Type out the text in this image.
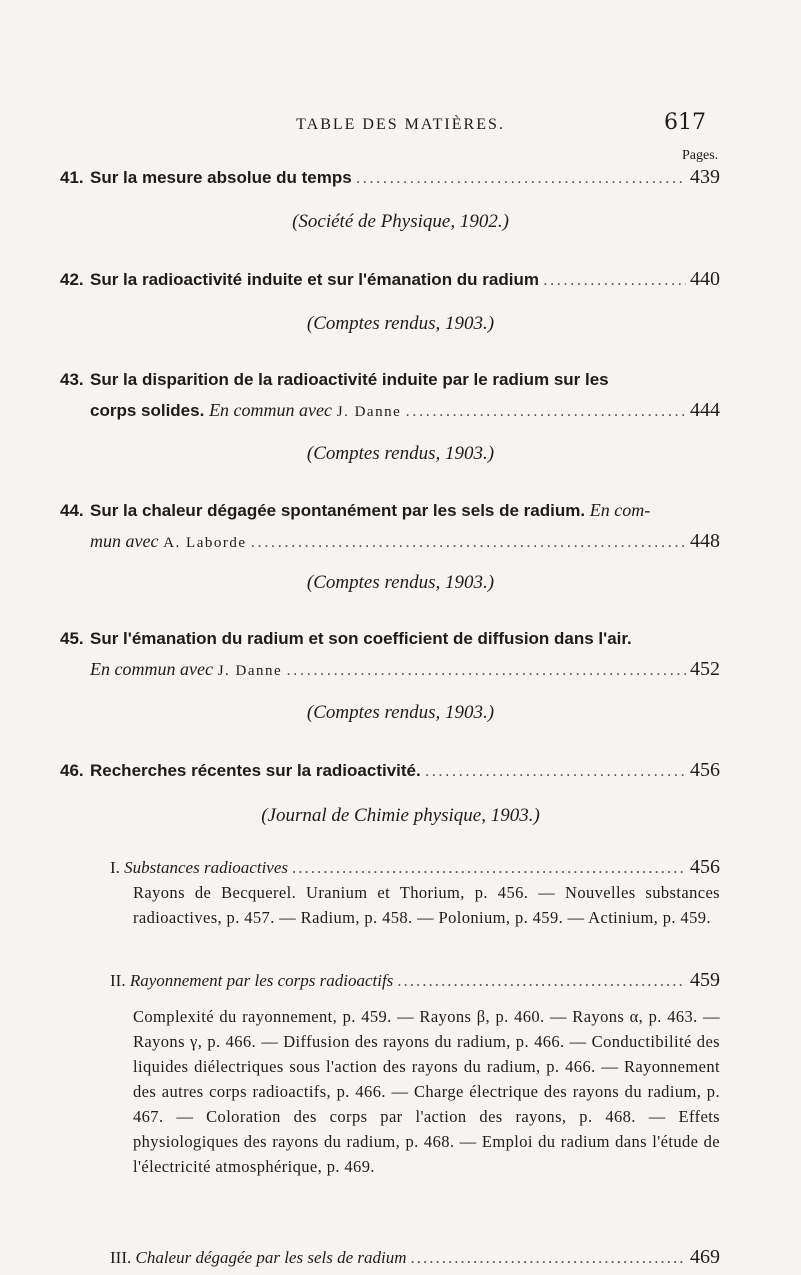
TABLE DES MATIÈRES.	617
Pages.
41. Sur la mesure absolue du temps .....	439
(Société de Physique, 1902.)
42. Sur la radioactivité induite et sur l'émanation du radium .....	440
(Comptes rendus, 1903.)
43. Sur la disparition de la radioactivité induite par le radium sur les
corps solides. En commun avec J. Danne .....	444
(Comptes rendus, 1903.)
44. Sur la chaleur dégagée spontanément par les sels de radium. En com-
mun avec A. Laborde .....	448
(Comptes rendus, 1903.)
45. Sur l'émanation du radium et son coefficient de diffusion dans l'air.
En commun avec J. Danne .....	452
(Comptes rendus, 1903.)
46. Recherches récentes sur la radioactivité. .....	456
(Journal de Chimie physique, 1903.)
I. Substances radioactives .....	456
Rayons de Becquerel. Uranium et Thorium, p. 456. — Nouvelles substances radioactives, p. 457. — Radium, p. 458. — Polonium, p. 459. — Actinium, p. 459.
II. Rayonnement par les corps radioactifs .....	459
Complexité du rayonnement, p. 459. — Rayons β, p. 460. — Rayons α, p. 463. — Rayons γ, p. 466. — Diffusion des rayons du radium, p. 466. — Conductibilité des liquides diélectriques sous l'action des rayons du radium, p. 466. — Rayonnement des autres corps radioactifs, p. 466. — Charge électrique des rayons du radium, p. 467. — Coloration des corps par l'action des rayons, p. 468. — Effets physiologiques des rayons du radium, p. 468. — Emploi du radium dans l'étude de l'électricité atmosphérique, p. 469.
III. Chaleur dégagée par les sels de radium .....	469
